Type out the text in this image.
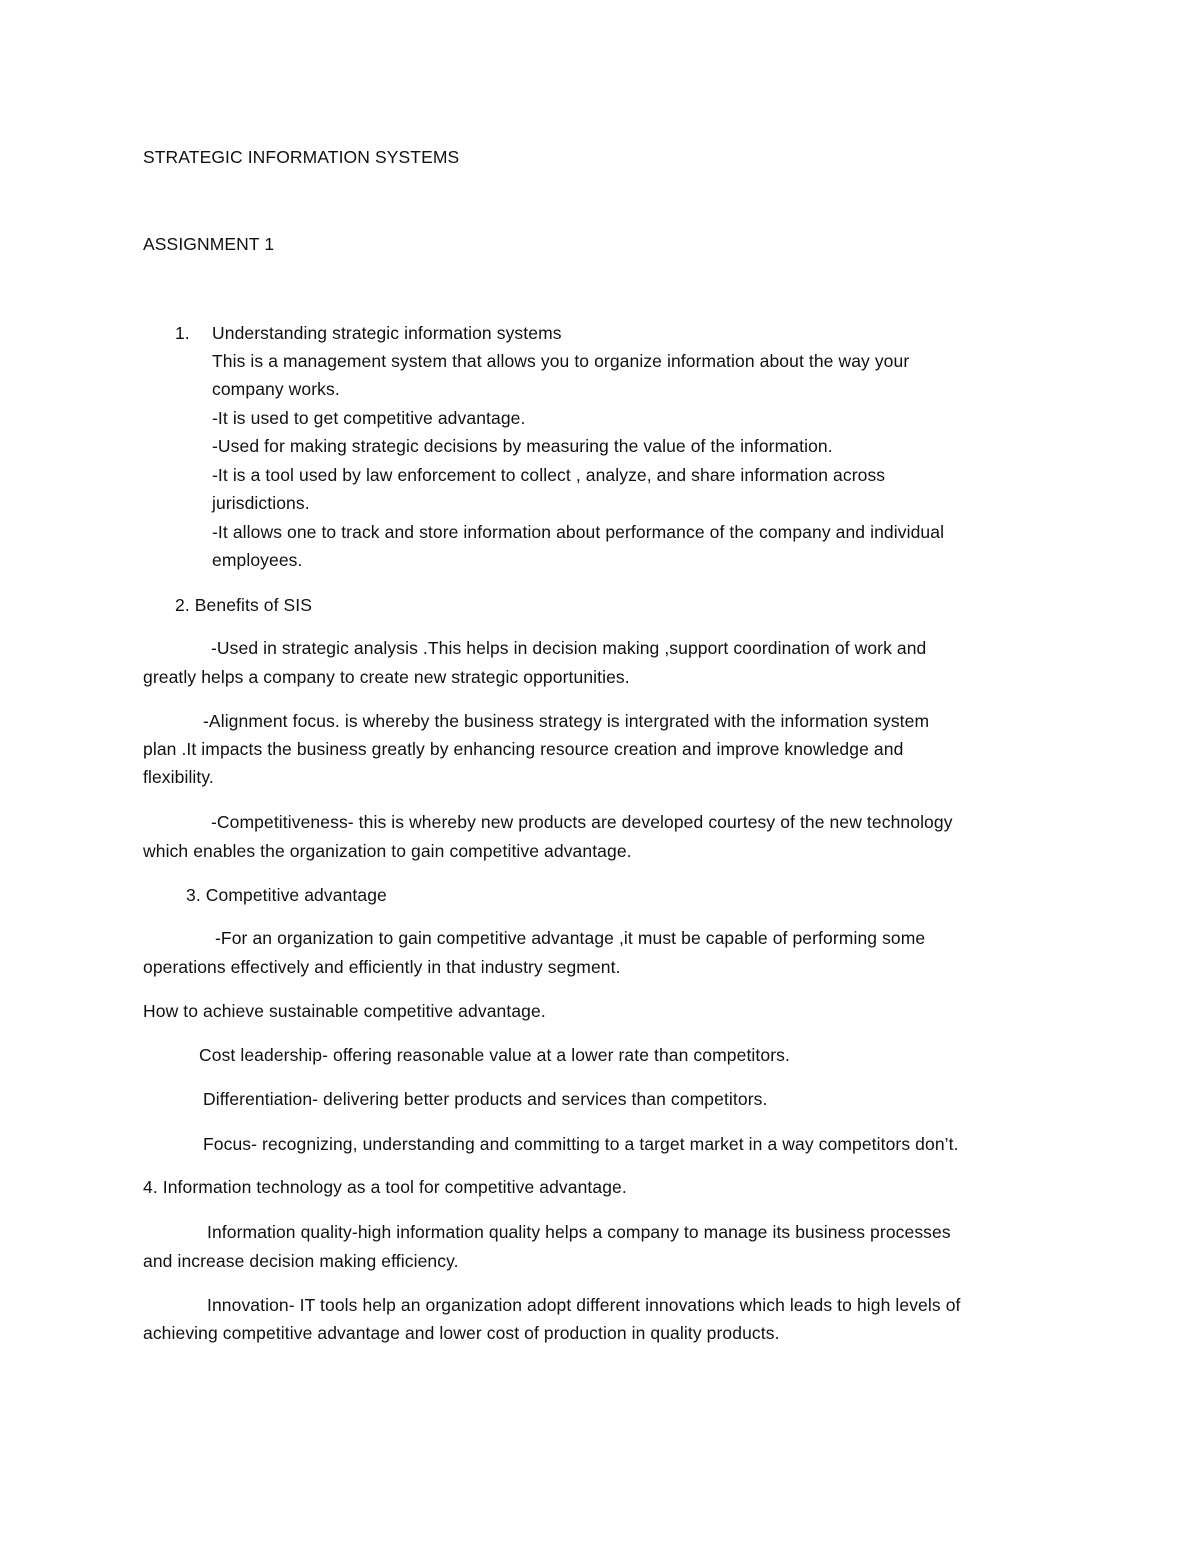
STRATEGIC INFORMATION SYSTEMS
ASSIGNMENT 1
1. Understanding strategic information systems
This is a management system that allows you to organize information about the way your
company works.
-It is used to get competitive advantage.
-Used for making strategic decisions by measuring the value of the information.
-It is a tool used by law enforcement to collect , analyze, and share information across
jurisdictions.
-It allows one to track and store information about performance of the company and individual
employees.
2. Benefits of SIS
-Used in strategic analysis .This helps in decision making ,support coordination of work and
greatly helps a company to create new strategic opportunities.
-Alignment focus. is whereby the business strategy is intergrated with the information system
plan .It impacts the business greatly by enhancing resource creation and improve knowledge and
flexibility.
-Competitiveness- this is whereby new products are developed courtesy of the new technology
which enables the organization to gain competitive advantage.
3. Competitive advantage
-For an organization to gain competitive advantage ,it must be capable of performing some
operations effectively and efficiently in that industry segment.
How to achieve sustainable competitive advantage.
Cost leadership- offering reasonable value at a lower rate than competitors.
Differentiation- delivering better products and services than competitors.
Focus- recognizing, understanding and committing to a target market in a way competitors don’t.
4. Information technology as a tool for competitive advantage.
Information quality-high information quality helps a company to manage its business processes
and increase decision making efficiency.
Innovation- IT tools help an organization adopt different innovations which leads to high levels of
achieving competitive advantage and lower cost of production in quality products.
